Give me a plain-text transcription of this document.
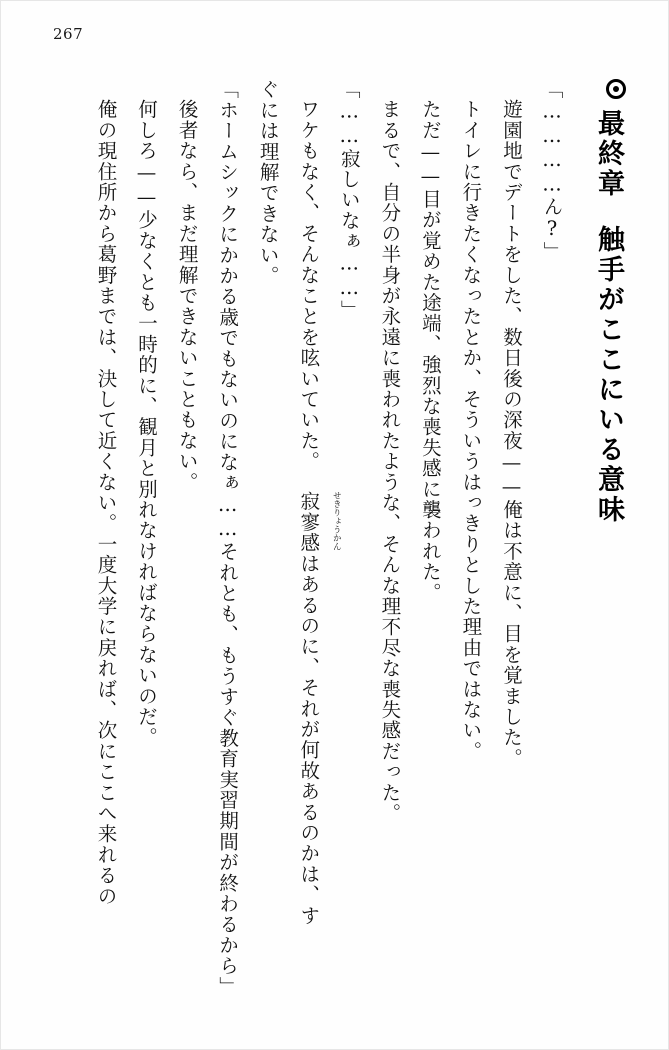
267
最終章触手がここにいる意味
「…………ん?」
遊園地でデートをした、数日後の深夜——俺は不意に、目を覚ました。
トイレに行きたくなったとか、そういうはっきりとした理由ではない。
ただ——目が覚めた途端、強烈な喪失感に襲われた。
まるで、自分の半身が永遠に喪われたような、そんな理不尽な喪失感だった。
「……寂しいなぁ……」
ワケもなく、そんなことを呟いていた。寂寥感 せきりょうかん
はあるのに、それが何故あるのかは、す
ぐには理解できない。
「ホームシックにかかる歳でもないのになぁ……それとも、もうすぐ教育実習期間が終わるから」
後者なら、まだ理解できないこともない。
何しろ——少なくとも一時的に、観月と別れなければならないのだ。
俺の現住所から葛野までは、決して近くない。一度大学に戻れば、次にここへ来れるの
